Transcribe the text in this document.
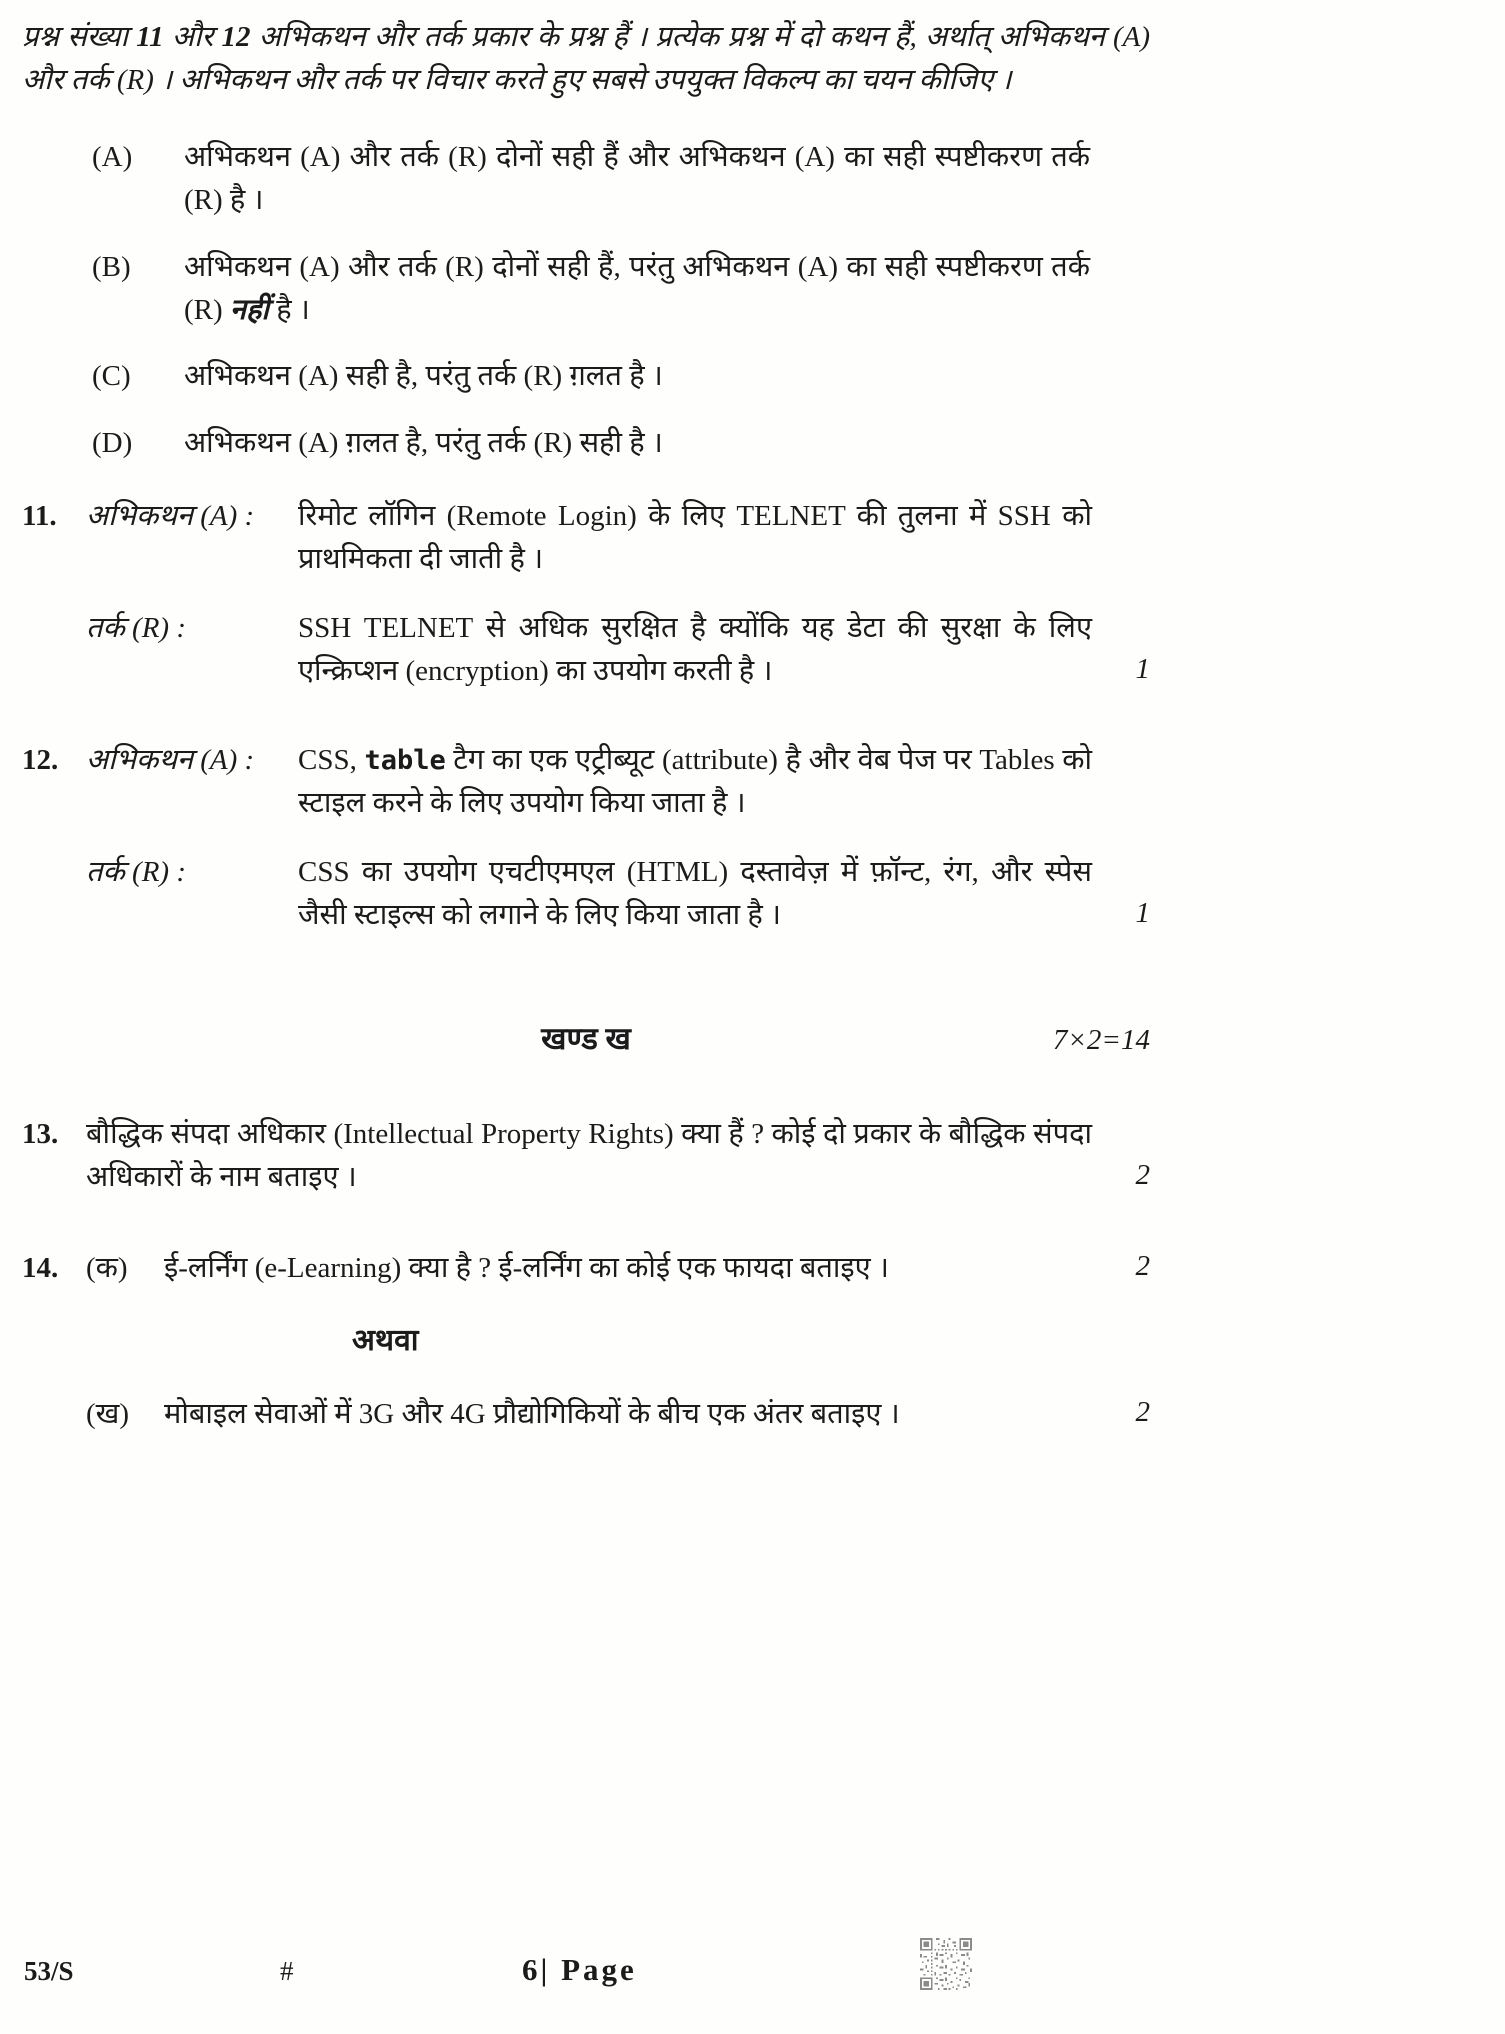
प्रश्न संख्या 11 और 12 अभिकथन और तर्क प्रकार के प्रश्न हैं । प्रत्येक प्रश्न में दो कथन हैं, अर्थात् अभिकथन (A) और तर्क (R) । अभिकथन और तर्क पर विचार करते हुए सबसे उपयुक्त विकल्प का चयन कीजिए ।

(A)	अभिकथन (A) और तर्क (R) दोनों सही हैं और अभिकथन (A) का सही स्पष्टीकरण तर्क (R) है ।
(B)	अभिकथन (A) और तर्क (R) दोनों सही हैं, परंतु अभिकथन (A) का सही स्पष्टीकरण तर्क (R) नहीं है ।
(C)	अभिकथन (A) सही है, परंतु तर्क (R) ग़लत है ।
(D)	अभिकथन (A) ग़लत है, परंतु तर्क (R) सही है ।
11.	अभिकथन (A) :	रिमोट लॉगिन (Remote Login) के लिए TELNET की तुलना में SSH को प्राथमिकता दी जाती है ।
तर्क (R) :	SSH TELNET से अधिक सुरक्षित है क्योंकि यह डेटा की सुरक्षा के लिए एन्क्रिप्शन (encryption) का उपयोग करती है ।	1
12. अभिकथन (A) :	CSS, table टैग का एक एट्रीब्यूट (attribute) है और वेब पेज पर Tables को स्टाइल करने के लिए उपयोग किया जाता है ।
तर्क (R) :	CSS का उपयोग एचटीएमएल (HTML) दस्तावेज़ में फ़ॉन्ट, रंग, और स्पेस जैसी स्टाइल्स को लगाने के लिए किया जाता है ।	1
खण्ड ख	7×2=14
13. बौद्धिक संपदा अधिकार (Intellectual Property Rights) क्या हैं ? कोई दो प्रकार के बौद्धिक संपदा अधिकारों के नाम बताइए ।	2
14. (क)	ई-लर्निंग (e-Learning) क्या है ? ई-लर्निंग का कोई एक फायदा बताइए ।	2
अथवा
(ख)	मोबाइल सेवाओं में 3G और 4G प्रौद्योगिकियों के बीच एक अंतर बताइए ।	2
53/S	#	6| Page
